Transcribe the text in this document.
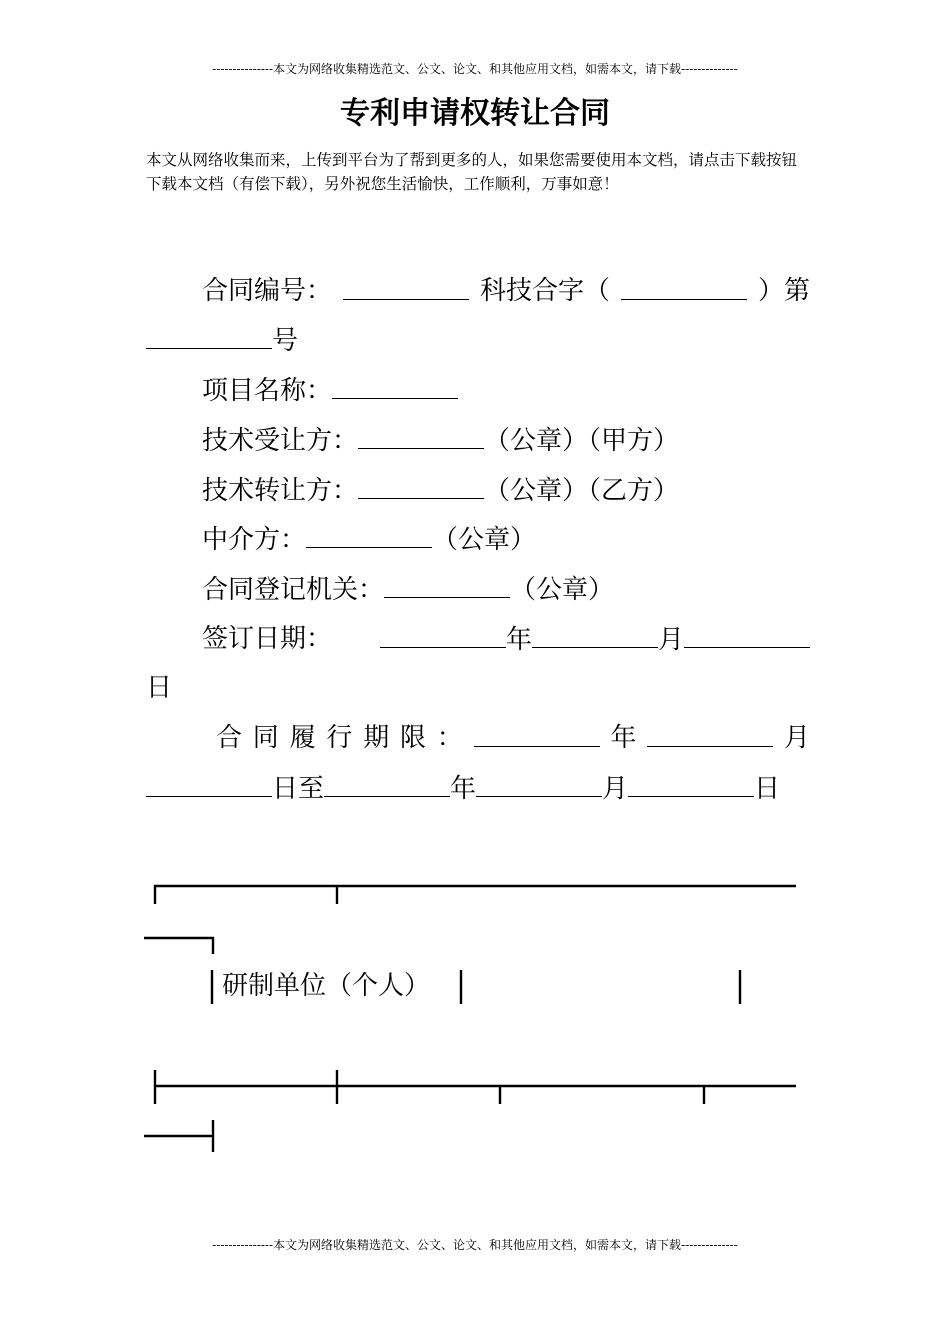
---------------本文为网络收集精选范文、公文、论文、和其他应用文档，如需本文，请下载--------------
专利申请权转让合同

本文从网络收集而来，上传到平台为了帮到更多的人，如果您需要使用本文档，请点击下载按钮下载本文档（有偿下载），另外祝您生活愉快，工作顺利，万事如意！

合同编号：	科技合字（	）第
号
项目名称：
技术受让方：	（公章）（甲方）
技术转让方：	（公章）（乙方）
中介方：	（公章）
合同登记机关：	（公章）
签订日期：	年	月
日
合 同 履 行 期 限 ：	年	月
日至	年	月	日
研制单位（个人）
---------------本文为网络收集精选范文、公文、论文、和其他应用文档，如需本文，请下载--------------
